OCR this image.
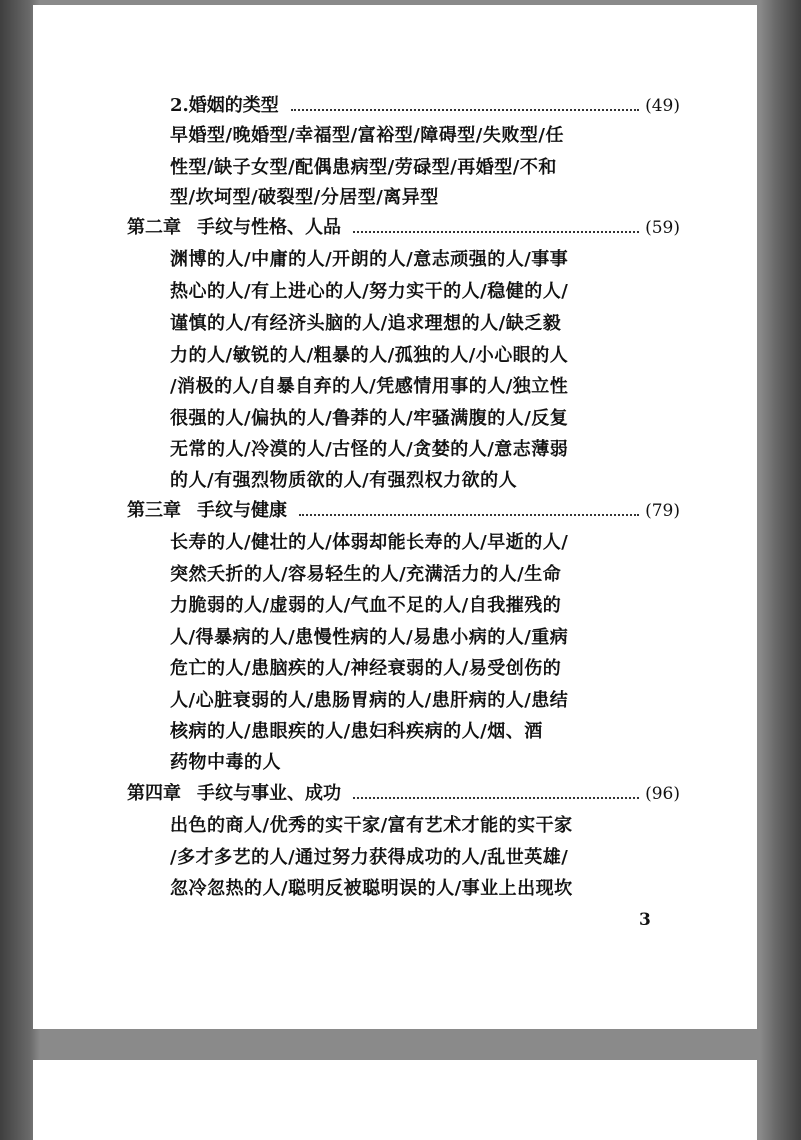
2.婚姻的类型	(49)
早婚型/晚婚型/幸福型/富裕型/障碍型/失败型/任
性型/缺子女型/配偶患病型/劳碌型/再婚型/不和
型/坎坷型/破裂型/分居型/离异型
第二章 手纹与性格、人品	(59)
渊博的人/中庸的人/开朗的人/意志顽强的人/事事
热心的人/有上进心的人/努力实干的人/稳健的人/
谨慎的人/有经济头脑的人/追求理想的人/缺乏毅
力的人/敏锐的人/粗暴的人/孤独的人/小心眼的人
/消极的人/自暴自弃的人/凭感情用事的人/独立性
很强的人/偏执的人/鲁莽的人/牢骚满腹的人/反复
无常的人/冷漠的人/古怪的人/贪婪的人/意志薄弱
的人/有强烈物质欲的人/有强烈权力欲的人
第三章 手纹与健康	(79)
长寿的人/健壮的人/体弱却能长寿的人/早逝的人/
突然夭折的人/容易轻生的人/充满活力的人/生命
力脆弱的人/虚弱的人/气血不足的人/自我摧残的
人/得暴病的人/患慢性病的人/易患小病的人/重病
危亡的人/患脑疾的人/神经衰弱的人/易受创伤的
人/心脏衰弱的人/患肠胃病的人/患肝病的人/患结
核病的人/患眼疾的人/患妇科疾病的人/烟、酒
药物中毒的人
第四章 手纹与事业、成功	(96)
出色的商人/优秀的实干家/富有艺术才能的实干家
/多才多艺的人/通过努力获得成功的人/乱世英雄/
忽冷忽热的人/聪明反被聪明误的人/事业上出现坎
3
